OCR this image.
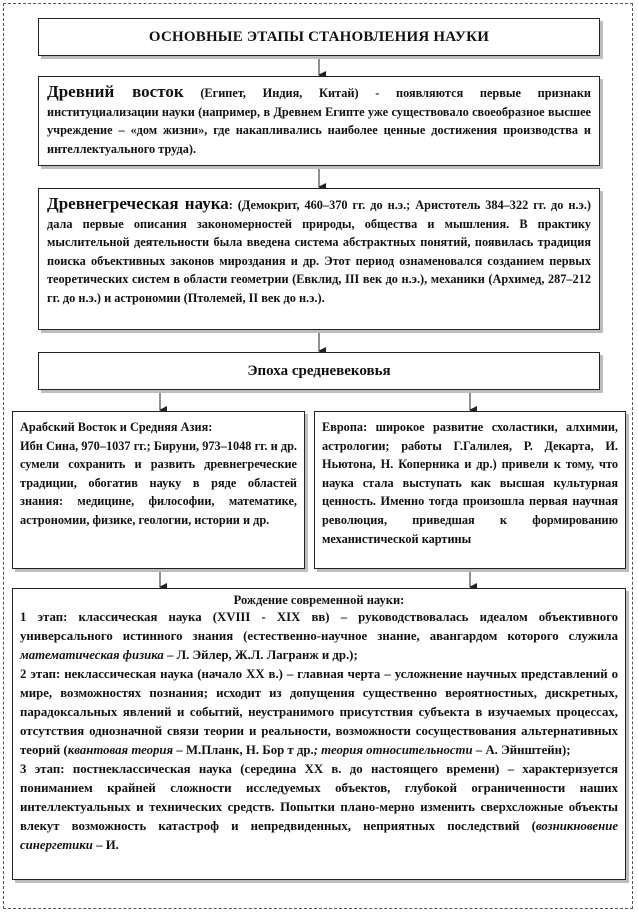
ОСНОВНЫЕ ЭТАПЫ СТАНОВЛЕНИЯ НАУКИ
Древний восток (Египет, Индия, Китай) - появляются первые признаки институциализации науки (например, в Древнем Египте уже существовало своеобразное высшее учреждение – «дом жизни», где накапливались наиболее ценные достижения производства и интеллектуального труда).
Древнегреческая наука: (Демокрит, 460–370 гг. до н.э.; Аристотель 384–322 гг. до н.э.) дала первые описания закономерностей природы, общества и мышления. В практику мыслительной деятельности была введена система абстрактных понятий, появилась традиция поиска объективных законов мироздания и др. Этот период ознаменовался созданием первых теоретических систем в области геометрии (Евклид, III век до н.э.), механики (Архимед, 287–212 гг. до н.э.) и астрономии (Птолемей, II век до н.э.).
Эпоха средневековья
Арабский Восток и Средняя Азия:
Ибн Сина, 970–1037 гг.; Бируни, 973–1048 гг. и др. сумели сохранить и развить древнегреческие традиции, обогатив науку в ряде областей знания: медицине, философии, математике, астрономии, физике, геологии, истории и др.
Европа: широкое развитие схоластики, алхимии, астрологии; работы Г.Галилея, Р. Декарта, И. Ньютона, Н. Коперника и др.) привели к тому, что наука стала выступать как высшая культурная ценность. Именно тогда произошла первая научная революция, приведшая к формированию механистической картины
Рождение современной науки:
1 этап: классическая наука (XVIII - XIX вв) – руководствовалась идеалом объективного универсального истинного знания (естественно-научное знание, авангардом которого служила математическая физика – Л. Эйлер, Ж.Л. Лагранж и др.);
2 этап: неклассическая наука (начало XX в.) – главная черта – усложнение научных представлений о мире, возможностях познания; исходит из допущения существенно вероятностных, дискретных, парадоксальных явлений и событий, неустранимого присутствия субъекта в изучаемых процессах, отсутствия однозначной связи теории и реальности, возможности сосуществования альтернативных теорий (квантовая теория – М.Планк, Н. Бор т др.; теория относительности – А. Эйнштейн);
3 этап: постнеклассическая наука (середина XX в. до настоящего времени) – характеризуется пониманием крайней сложности исследуемых объектов, глубокой ограниченности наших интеллектуальных и технических средств. Попытки плано-мерно изменить сверхсложные объекты влекут возможность катастроф и непредвиденных, неприятных последствий (возникновение синергетики – И.
